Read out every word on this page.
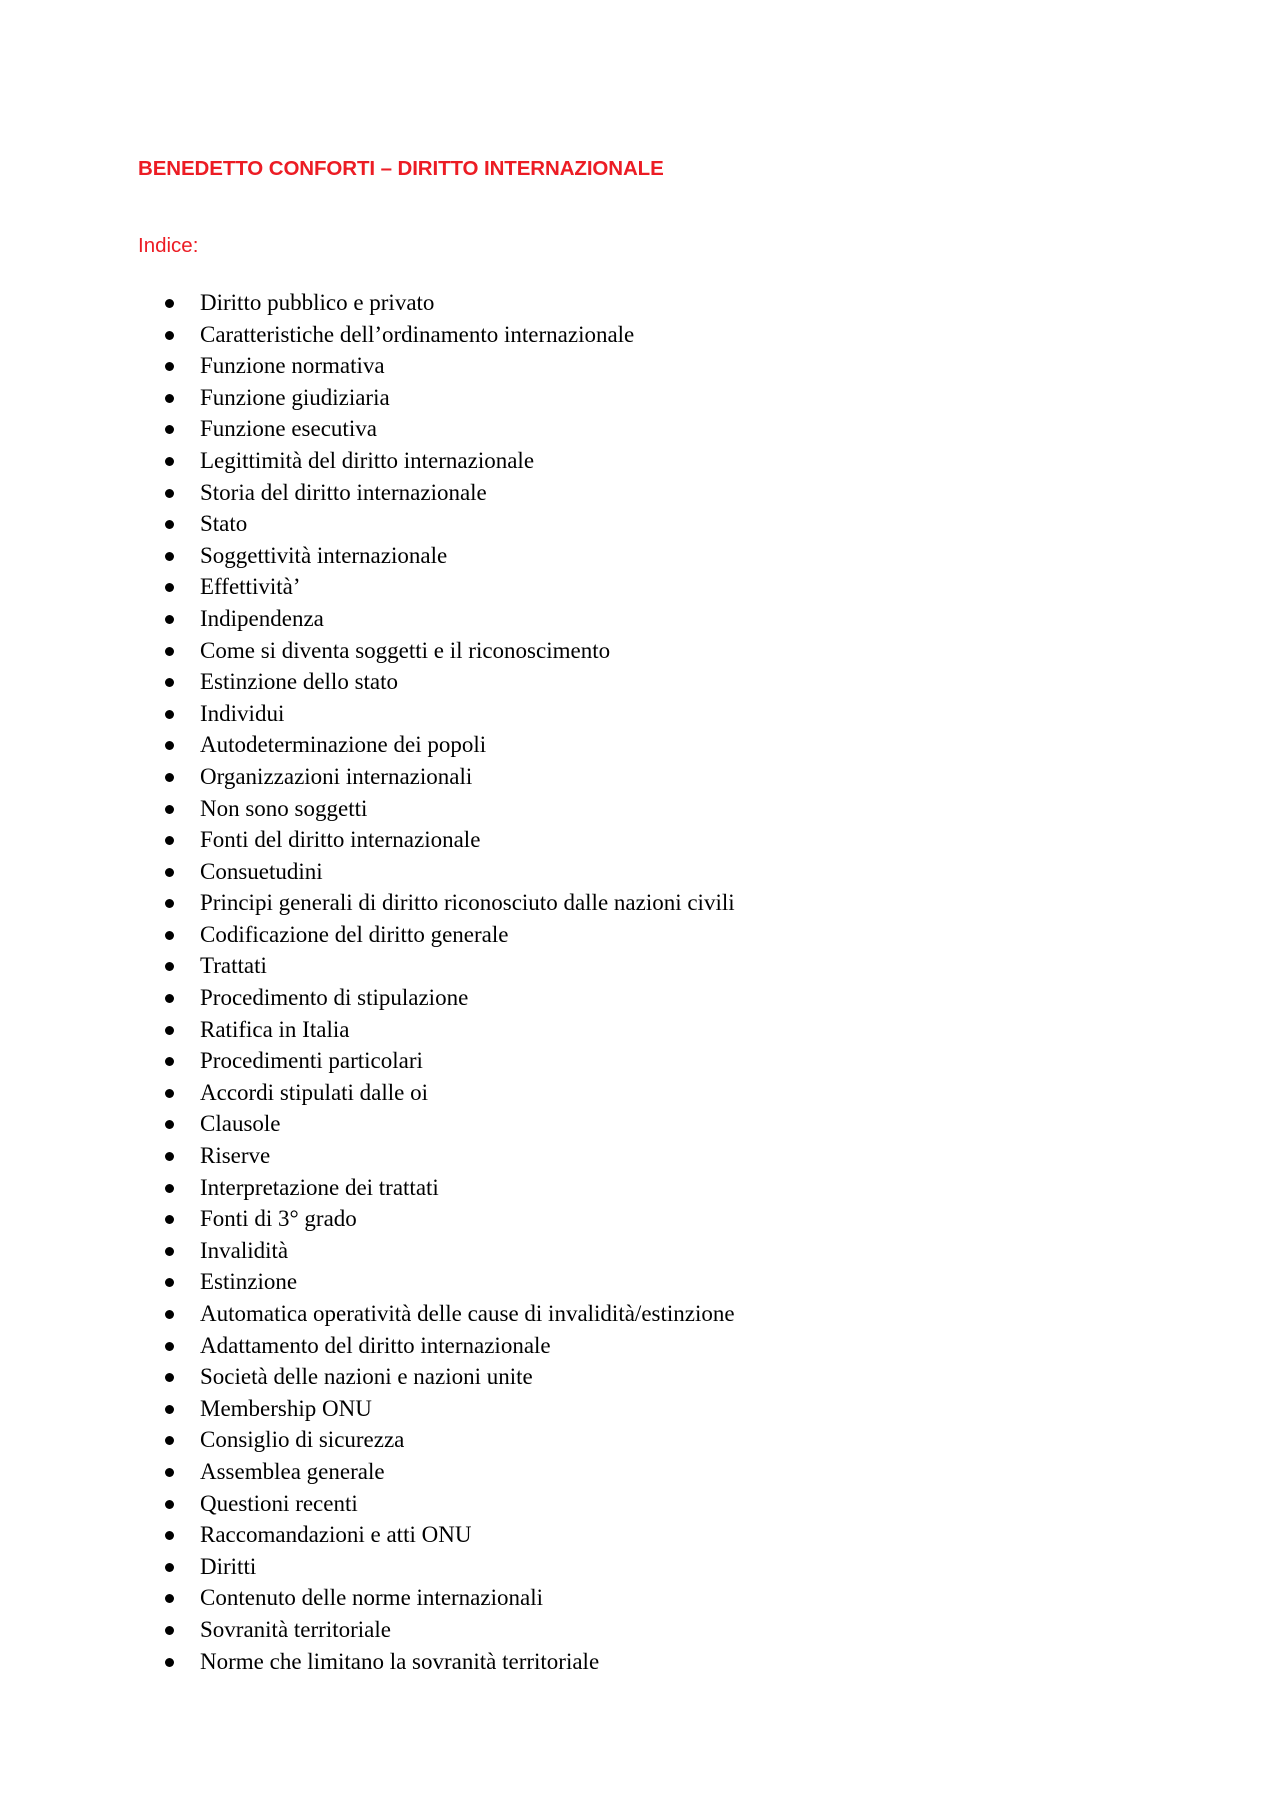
BENEDETTO CONFORTI – DIRITTO INTERNAZIONALE
Indice:
Diritto pubblico e privato
Caratteristiche dell’ordinamento internazionale
Funzione normativa
Funzione giudiziaria
Funzione esecutiva
Legittimità del diritto internazionale
Storia del diritto internazionale
Stato
Soggettività internazionale
Effettività’
Indipendenza
Come si diventa soggetti e il riconoscimento
Estinzione dello stato
Individui
Autodeterminazione dei popoli
Organizzazioni internazionali
Non sono soggetti
Fonti del diritto internazionale
Consuetudini
Principi generali di diritto riconosciuto dalle nazioni civili
Codificazione del diritto generale
Trattati
Procedimento di stipulazione
Ratifica in Italia
Procedimenti particolari
Accordi stipulati dalle oi
Clausole
Riserve
Interpretazione dei trattati
Fonti di 3° grado
Invalidità
Estinzione
Automatica operatività delle cause di invalidità/estinzione
Adattamento del diritto internazionale
Società delle nazioni e nazioni unite
Membership ONU
Consiglio di sicurezza
Assemblea generale
Questioni recenti
Raccomandazioni e atti ONU
Diritti
Contenuto delle norme internazionali
Sovranità territoriale
Norme che limitano la sovranità territoriale
